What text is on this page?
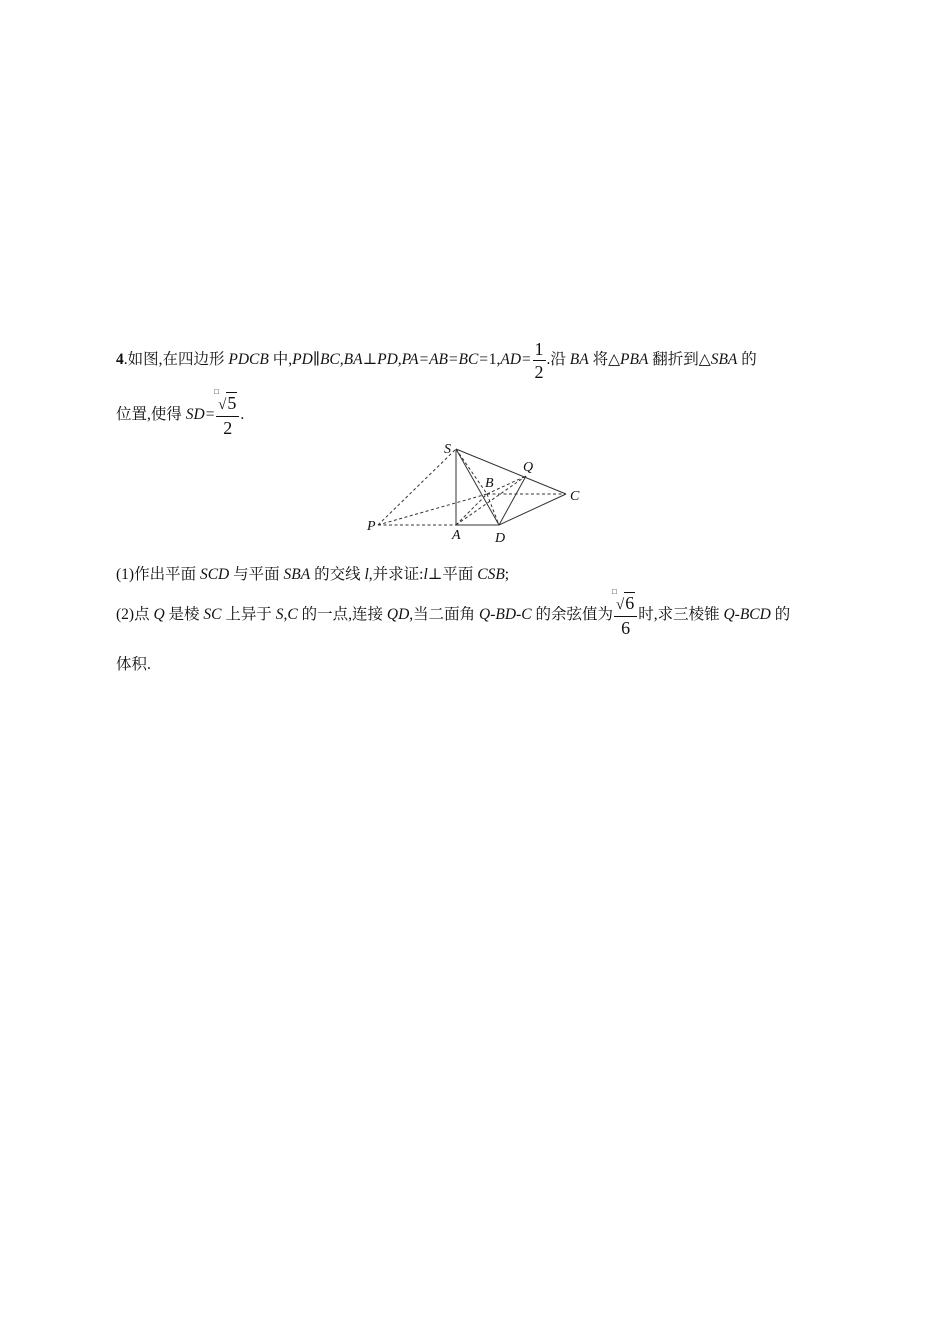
4.如图,在四边形 PDCB 中,PD∥BC,BA⊥PD,PA=AB=BC=1,AD= $\frac{1}{2}$ .沿 BA 将△PBA 翻折到△SBA 的
位置,使得 SD= □
√5
2 .
S
Q
B
C
P
A D
(1)作出平面 SCD 与平面 SBA 的交线 l,并求证:l⊥平面 CSB;
(2)点 Q 是棱 SC 上异于 S,C 的一点,连接 QD,当二面角 Q-BD-C 的余弦值为 □
√6
6 时,求三棱锥 Q-BCD 的
体积.
